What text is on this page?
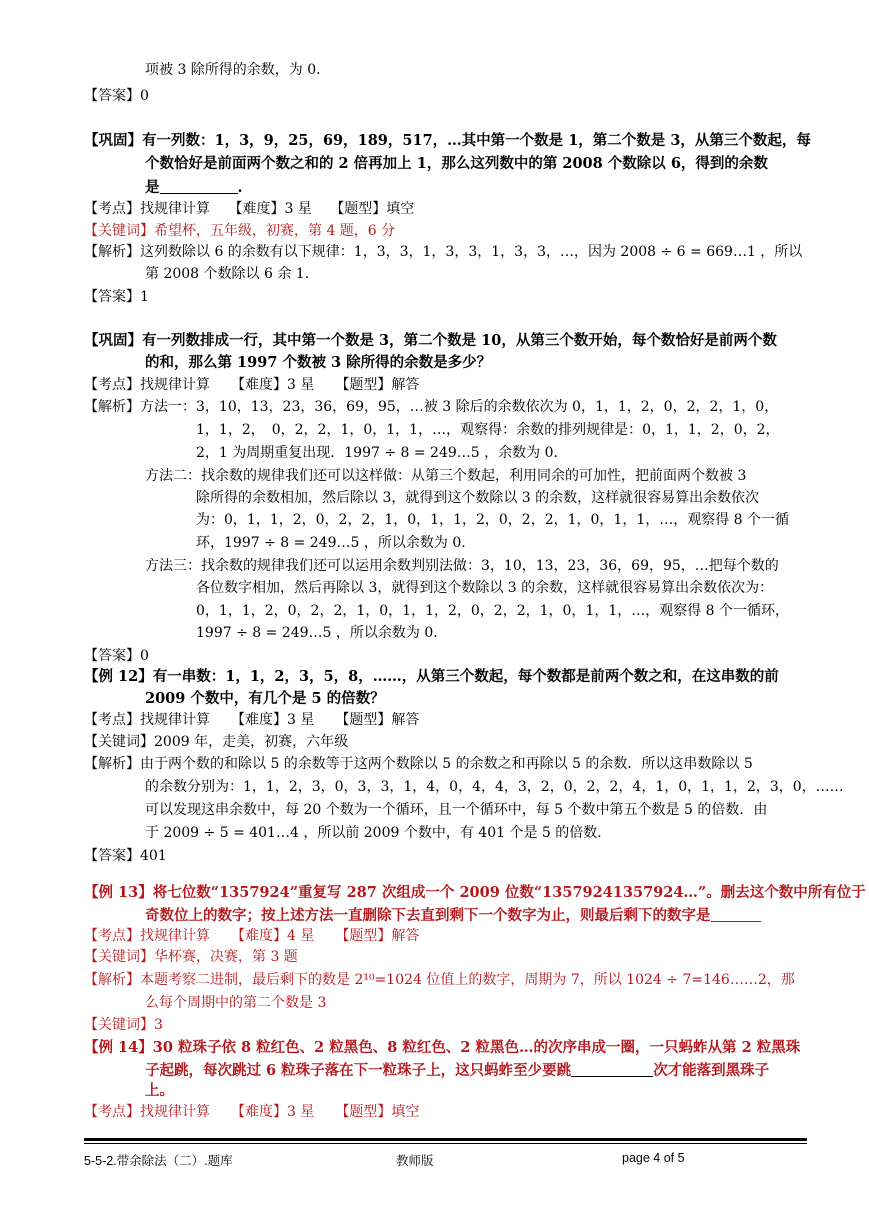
项被 3 除所得的余数，为 0.
【答案】0
【巩固】有一列数：1，3，9，25，69，189，517，…其中第一个数是 1，第二个数是 3，从第三个数起，每
个数恰好是前面两个数之和的 2 倍再加上 1，那么这列数中的第 2008 个数除以 6，得到的余数
是	.
【考点】找规律计算　 【难度】3 星　 【题型】填空
【关键词】希望杯，五年级，初赛，第 4 题，6 分
【解析】这列数除以 6 的余数有以下规律：1，3，3，1，3，3，1，3，3，…，因为 2008 ÷ 6 = 669…1 ，所以
第 2008 个数除以 6 余 1.
【答案】1
【巩固】有一列数排成一行，其中第一个数是 3，第二个数是 10，从第三个数开始，每个数恰好是前两个数
的和，那么第 1997 个数被 3 除所得的余数是多少？
【考点】找规律计算　　【难度】3 星　　【题型】解答
【解析】方法一：3，10，13，23，36，69，95，…被 3 除后的余数依次为 0，1，1，2，0，2，2，1，0，
1，1，2，　0，2，2，1，0，1，1，…，观察得：余数的排列规律是：0，1，1，2，0，2，
2，1 为周期重复出现．1997 ÷ 8 = 249…5 ，余数为 0．
方法二：找余数的规律我们还可以这样做：从第三个数起，利用同余的可加性，把前面两个数被 3
除所得的余数相加，然后除以 3，就得到这个数除以 3 的余数，这样就很容易算出余数依次
为：0，1，1，2，0，2，2，1，0，1，1，2，0，2，2，1，0，1，1，…，观察得 8 个一循
环，1997 ÷ 8 = 249…5 ，所以余数为 0.
方法三：找余数的规律我们还可以运用余数判别法做：3，10，13，23，36，69，95，…把每个数的
各位数字相加，然后再除以 3，就得到这个数除以 3 的余数，这样就很容易算出余数依次为：
0，1，1，2，0，2，2，1，0，1，1，2，0，2，2，1，0，1，1，…，观察得 8 个一循环，
1997 ÷ 8 = 249…5 ，所以余数为 0.
【答案】0
【例 12】有一串数：1，1，2，3，5，8，……，从第三个数起，每个数都是前两个数之和，在这串数的前
2009 个数中，有几个是 5 的倍数？
【考点】找规律计算　　【难度】3 星　　【题型】解答
【关键词】2009 年，走美，初赛，六年级
【解析】由于两个数的和除以 5 的余数等于这两个数除以 5 的余数之和再除以 5 的余数．所以这串数除以 5
的余数分别为：1，1，2，3，0，3，3，1，4，0，4，4，3，2，0，2，2，4，1，0，1，1，2，3，0，……
可以发现这串余数中，每 20 个数为一个循环，且一个循环中，每 5 个数中第五个数是 5 的倍数．由
于 2009 ÷ 5 = 401…4 ，所以前 2009 个数中，有 401 个是 5 的倍数．
【答案】401
【例 13】将七位数“1357924”重复写 287 次组成一个 2009 位数“13579241357924…”。删去这个数中所有位于
奇数位上的数字；按上述方法一直删除下去直到剩下一个数字为止，则最后剩下的数字是
【考点】找规律计算　　【难度】4 星　　【题型】解答
【关键词】华杯赛，决赛，第 3 题
【解析】本题考察二进制，最后剩下的数是 2¹⁰=1024 位值上的数字，周期为 7，所以 1024 ÷ 7=146……2，那
么每个周期中的第二个数是 3
【关键词】3
【例 14】30 粒珠子依 8 粒红色、2 粒黑色、8 粒红色、2 粒黑色…的次序串成一圈，一只蚂蚱从第 2 粒黑珠
子起跳，每次跳过 6 粒珠子落在下一粒珠子上，这只蚂蚱至少要跳	次才能落到黑珠子
上。
【考点】找规律计算　　【难度】3 星　　【题型】填空
5-5-2.带余除法（二）.题库	教师版	page 4 of 5
